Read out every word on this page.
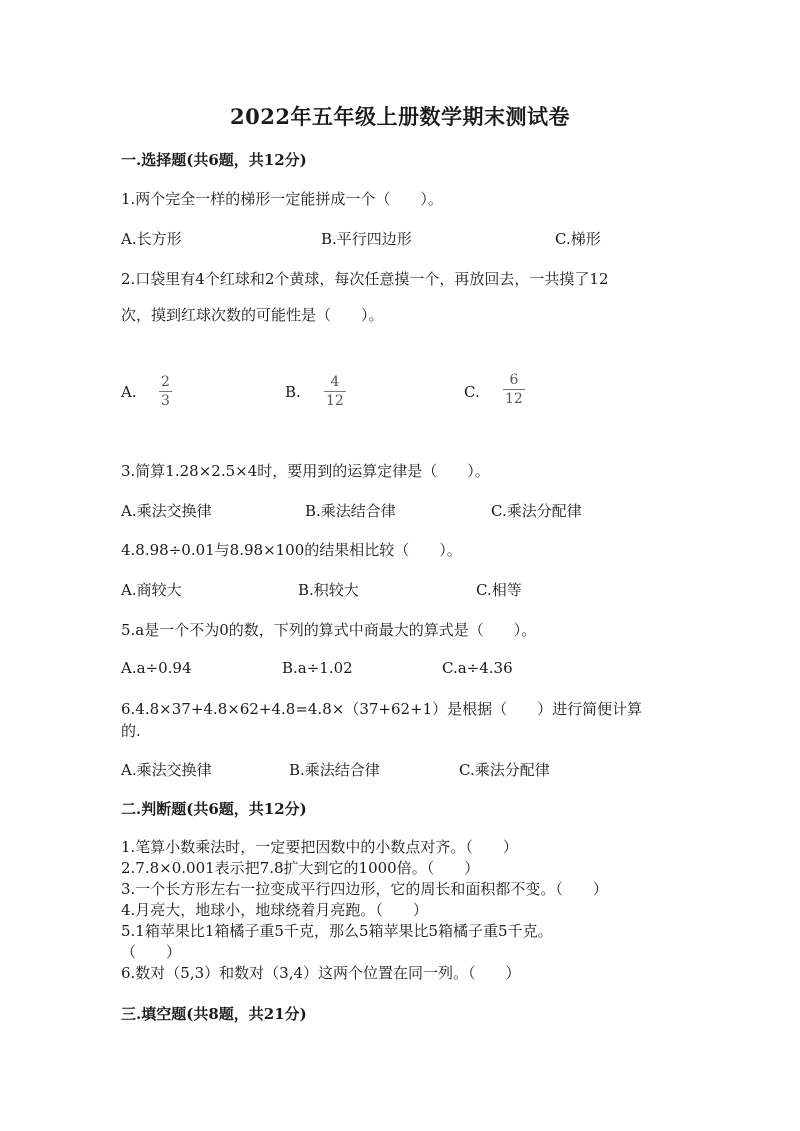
2022年五年级上册数学期末测试卷
一.选择题(共6题，共12分)
1.两个完全一样的梯形一定能拼成一个（　　）。
A.长方形	B.平行四边形	C.梯形
2.口袋里有4个红球和2个黄球，每次任意摸一个，再放回去，一共摸了12
次，摸到红球次数的可能性是（　　）。
A. $\frac{2}{3}$	B. $\frac{4}{12}$	C. $\frac{6}{12}$
3.简算1.28×2.5×4时，要用到的运算定律是（　　）。
A.乘法交换律	B.乘法结合律	C.乘法分配律
4.8.98÷0.01与8.98×100的结果相比较（　　）。
A.商较大	B.积较大	C.相等
5.a是一个不为0的数，下列的算式中商最大的算式是（　　）。
A.a÷0.94	B.a÷1.02	C.a÷4.36
6.4.8×37+4.8×62+4.8=4.8×（37+62+1）是根据（　　）进行简便计算
的.
A.乘法交换律	B.乘法结合律	C.乘法分配律
二.判断题(共6题，共12分)
1.笔算小数乘法时，一定要把因数中的小数点对齐。（　　）
2.7.8×0.001表示把7.8扩大到它的1000倍。（　　）
3.一个长方形左右一拉变成平行四边形，它的周长和面积都不变。（　　）
4.月亮大，地球小，地球绕着月亮跑。（　　）
5.1箱苹果比1箱橘子重5千克，那么5箱苹果比5箱橘子重5千克。
（　　）
6.数对（5,3）和数对（3,4）这两个位置在同一列。（　　）
三.填空题(共8题，共21分)
